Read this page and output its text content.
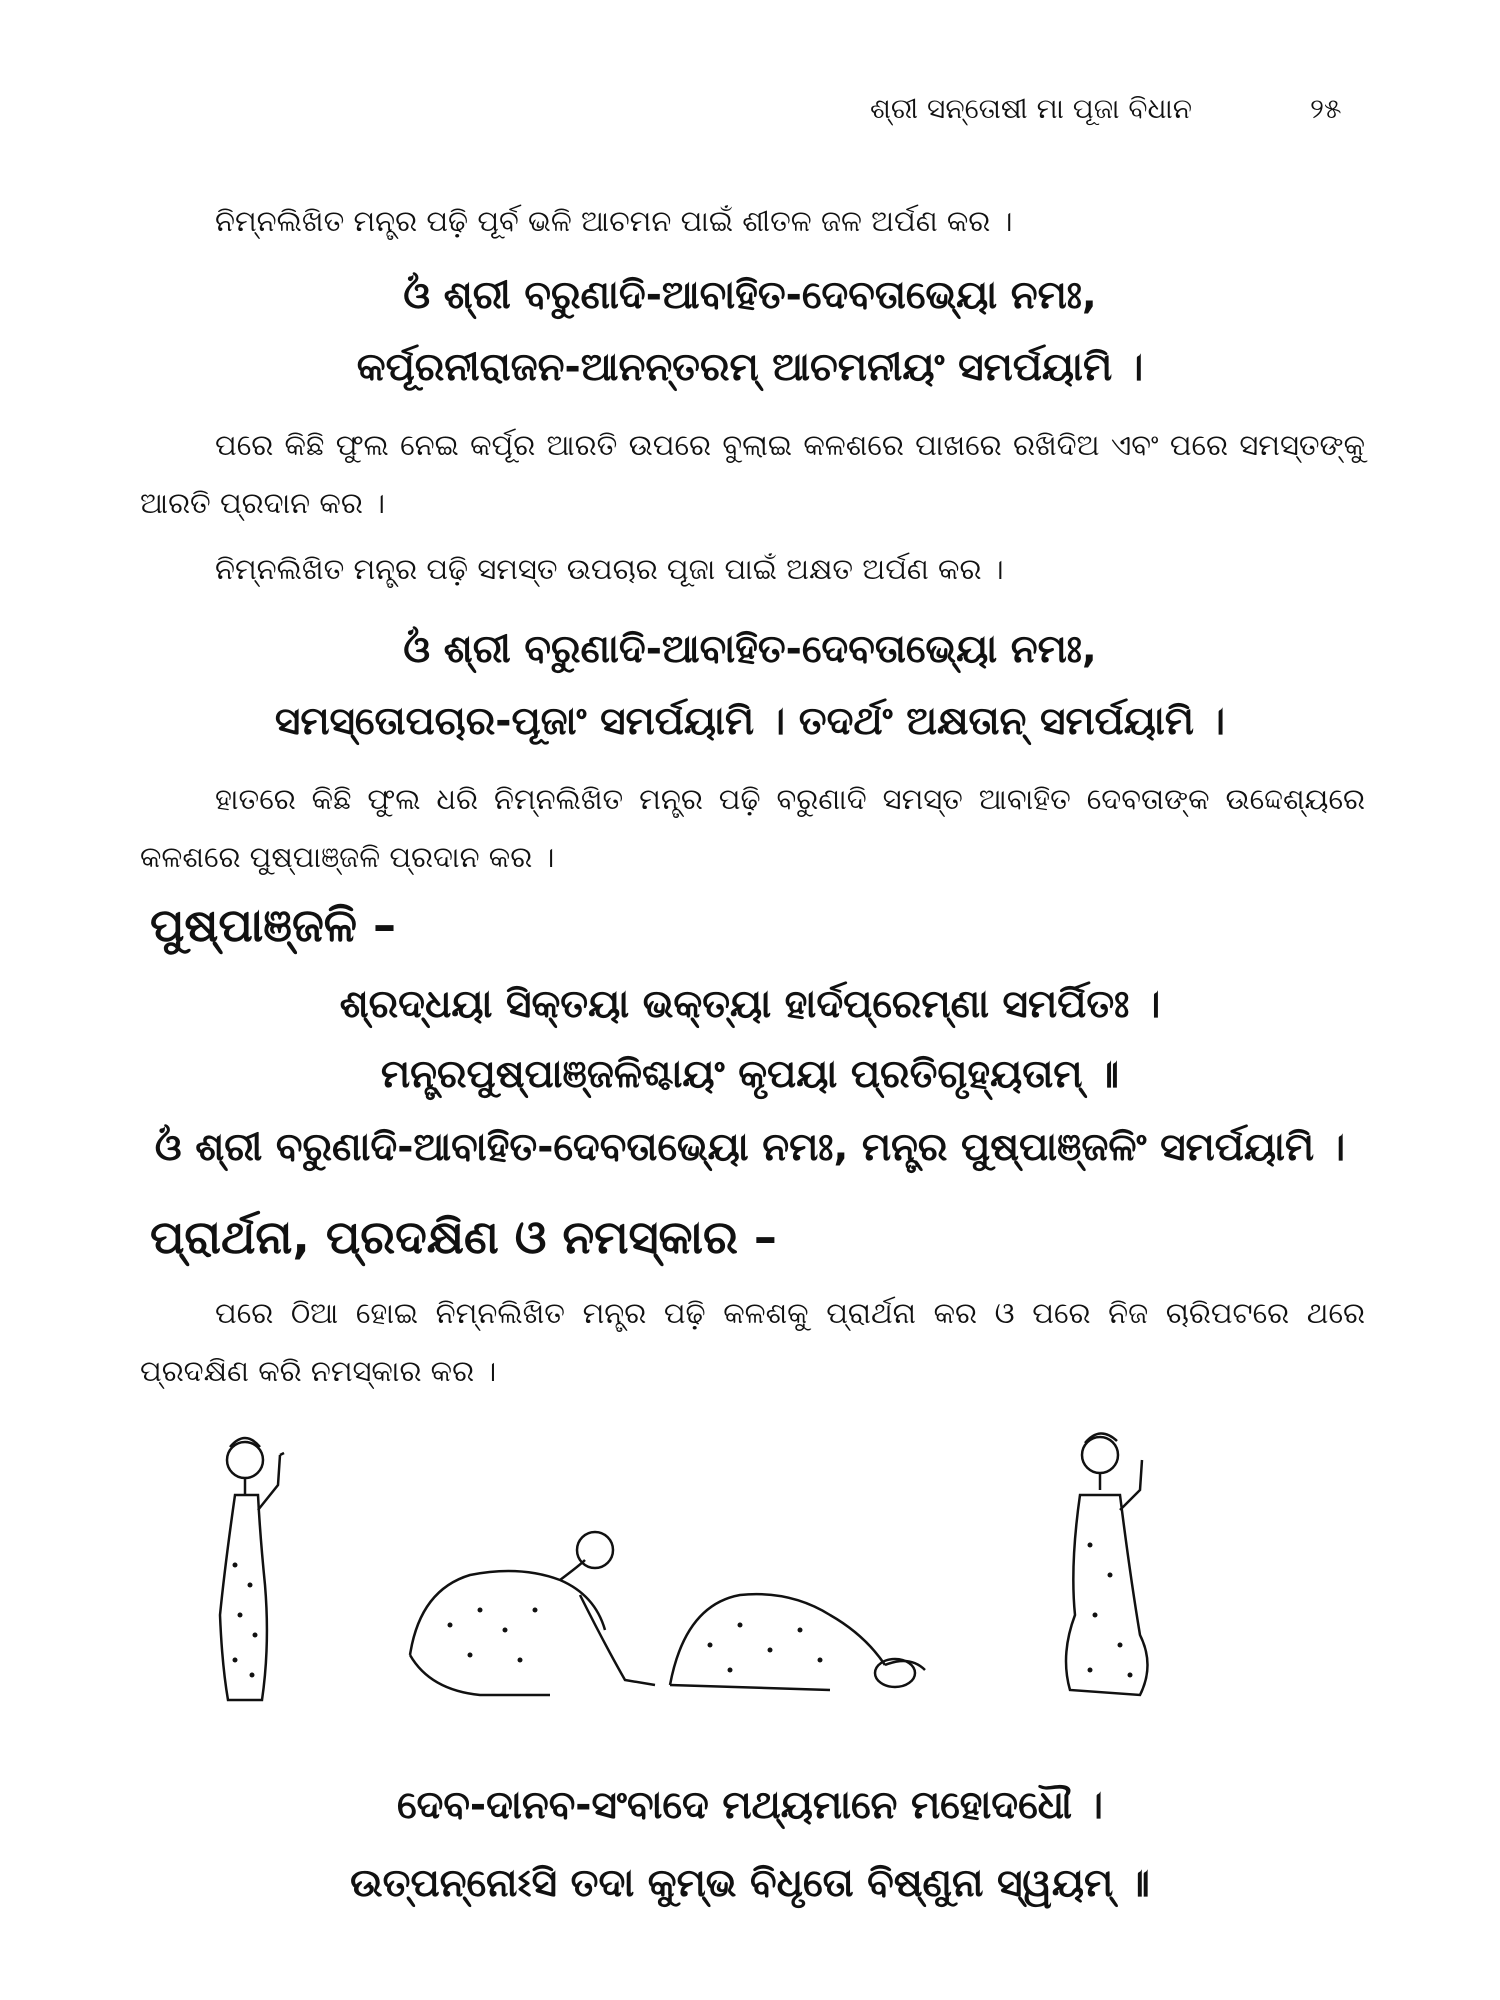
ଶ୍ରୀ ସନ୍ତୋଷୀ ମା ପୂଜା ବିଧାନ	୨୫
ନିମ୍ନଲିଖିତ ମନ୍ତ୍ର ପଢ଼ି ପୂର୍ବ ଭଳି ଆଚମନ ପାଇଁ ଶୀତଳ ଜଳ ଅର୍ପଣ କର ।
ଓଁ ଶ୍ରୀ ବରୁଣାଦି-ଆବାହିତ-ଦେବତାଭ୍ୟୋ ନମଃ,
କର୍ପୂରନୀରାଜନ-ଆନନ୍ତରମ୍ ଆଚମନୀୟଂ ସମର୍ପୟାମି ।
ପରେ କିଛି ଫୁଲ ନେଇ କର୍ପୂର ଆରତି ଉପରେ ବୁଲାଇ କଳଶରେ ପାଖରେ ରଖିଦିଅ ଏବଂ ପରେ ସମସ୍ତଙ୍କୁ ଆରତି ପ୍ରଦାନ କର ।
ନିମ୍ନଲିଖିତ ମନ୍ତ୍ର ପଢ଼ି ସମସ୍ତ ଉପଚାର ପୂଜା ପାଇଁ ଅକ୍ଷତ ଅର୍ପଣ କର ।
ଓଁ ଶ୍ରୀ ବରୁଣାଦି-ଆବାହିତ-ଦେବତାଭ୍ୟୋ ନମଃ,
ସମସ୍ତୋପଚାର-ପୂଜାଂ ସମର୍ପୟାମି । ତଦର୍ଥଂ ଅକ୍ଷତାନ୍ ସମର୍ପୟାମି ।
ହାତରେ କିଛି ଫୁଲ ଧରି ନିମ୍ନଲିଖିତ ମନ୍ତ୍ର ପଢ଼ି ବରୁଣାଦି ସମସ୍ତ ଆବାହିତ ଦେବତାଙ୍କ ଉଦ୍ଦେଶ୍ୟରେ କଳଶରେ ପୁଷ୍ପାଞ୍ଜଳି ପ୍ରଦାନ କର ।
ପୁଷ୍ପାଞ୍ଜଳି –
ଶ୍ରଦ୍ଧୟା ସିକ୍ତୟା ଭକ୍ତ୍ୟା ହାର୍ଦପ୍ରେମ୍ଣା ସମର୍ପିତଃ ।
ମନ୍ତ୍ରପୁଷ୍ପାଞ୍ଜଳିଶ୍ଚାୟଂ କୃପୟା ପ୍ରତିଗୃହ୍ୟତାମ୍ ॥
ଓଁ ଶ୍ରୀ ବରୁଣାଦି-ଆବାହିତ-ଦେବତାଭ୍ୟୋ ନମଃ, ମନ୍ତ୍ର ପୁଷ୍ପାଞ୍ଜଳିଂ ସମର୍ପୟାମି ।
ପ୍ରାର୍ଥନା, ପ୍ରଦକ୍ଷିଣ ଓ ନମସ୍କାର –
ପରେ ଠିଆ ହୋଇ ନିମ୍ନଲିଖିତ ମନ୍ତ୍ର ପଢ଼ି କଳଶକୁ ପ୍ରାର୍ଥନା କର ଓ ପରେ ନିଜ ଚାରିପଟରେ ଥରେ ପ୍ରଦକ୍ଷିଣ କରି ନମସ୍କାର କର ।
ଦେବ-ଦାନବ-ସଂବାଦେ ମଥ୍ୟମାନେ ମହୋଦଧୌ ।
ଉତ୍ପନ୍ନୋଽସି ତଦା କୁମ୍ଭ ବିଧୃତୋ ବିଷ୍ଣୁନା ସ୍ୱୟମ୍ ॥
